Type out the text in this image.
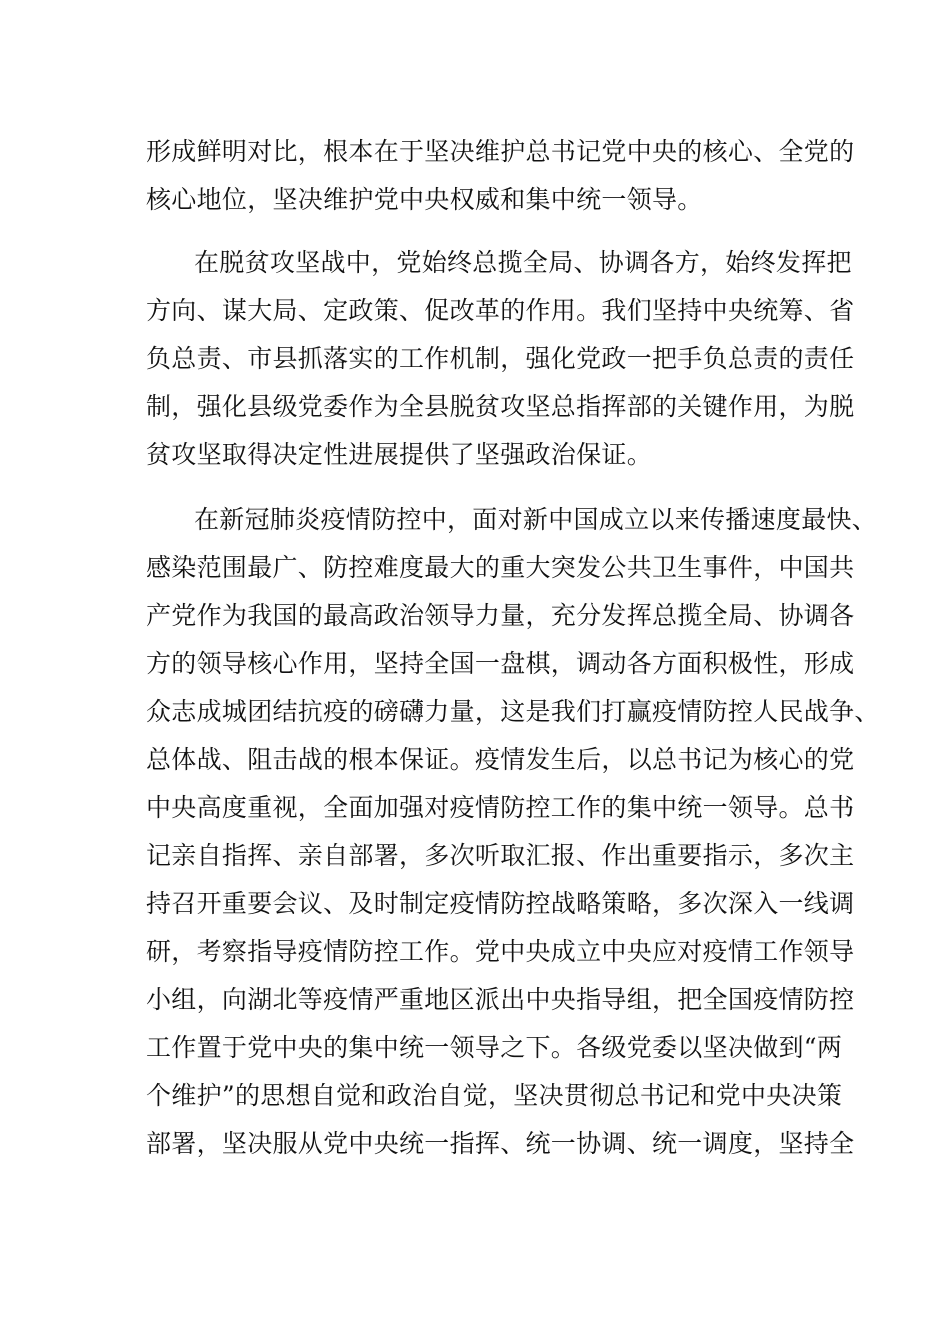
形成鲜明对比，根本在于坚决维护总书记党中央的核心、全党的
核心地位，坚决维护党中央权威和集中统一领导。
在脱贫攻坚战中，党始终总揽全局、协调各方，始终发挥把
方向、谋大局、定政策、促改革的作用。我们坚持中央统筹、省
负总责、市县抓落实的工作机制，强化党政一把手负总责的责任
制，强化县级党委作为全县脱贫攻坚总指挥部的关键作用，为脱
贫攻坚取得决定性进展提供了坚强政治保证。
在新冠肺炎疫情防控中，面对新中国成立以来传播速度最快、
感染范围最广、防控难度最大的重大突发公共卫生事件，中国共
产党作为我国的最高政治领导力量，充分发挥总揽全局、协调各
方的领导核心作用，坚持全国一盘棋，调动各方面积极性，形成
众志成城团结抗疫的磅礴力量，这是我们打赢疫情防控人民战争、
总体战、阻击战的根本保证。疫情发生后，以总书记为核心的党
中央高度重视，全面加强对疫情防控工作的集中统一领导。总书
记亲自指挥、亲自部署，多次听取汇报、作出重要指示，多次主
持召开重要会议、及时制定疫情防控战略策略，多次深入一线调
研，考察指导疫情防控工作。党中央成立中央应对疫情工作领导
小组，向湖北等疫情严重地区派出中央指导组，把全国疫情防控
工作置于党中央的集中统一领导之下。各级党委以坚决做到“两
个维护”的思想自觉和政治自觉，坚决贯彻总书记和党中央决策
部署，坚决服从党中央统一指挥、统一协调、统一调度，坚持全
